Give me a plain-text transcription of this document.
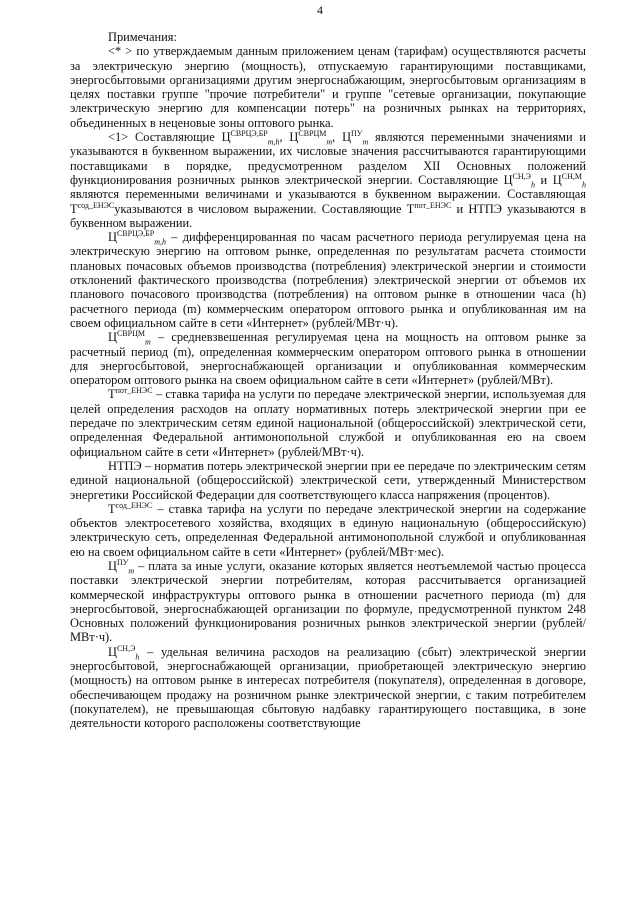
4

Примечания:

<* > по утверждаемым данным приложением ценам (тарифам) осуществляются расчеты за электрическую энергию (мощность), отпускаемую гарантирующими поставщиками, энергосбытовыми организациями другим энергоснабжающим, энергосбытовым организациям в целях поставки группе "прочие потребители" и группе "сетевые организации, покупающие электрическую энергию для компенсации потерь" на розничных рынках на территориях, объединенных в неценовые зоны оптового рынка.

<1> Составляющие $Ц^{СВРЦЭ,БР}_{m,h}$, $Ц^{СВРЦМ}_m$, $Ц^{ПУ}_m$ являются переменными значениями и указываются в буквенном выражении, их числовые значения рассчитываются гарантирующими поставщиками в порядке, предусмотренном разделом XII Основных положений функционирования розничных рынков электрической энергии. Составляющие $Ц^{СН,Э}_h$ и $Ц^{СН,М}_h$ являются переменными величинами и указываются в буквенном выражении. Составляющая $Т^{сод\_ЕНЭС}указываются$ в числовом выражении. Составляющие $Т^{пот\_ЕНЭС}$ и НТПЭ указываются в буквенном выражении.

$Ц^{СВРЦЭ,БР}_{m,h}$ – дифференцированная по часам расчетного периода регулируемая цена на электрическую энергию на оптовом рынке, определенная по результатам расчета стоимости плановых почасовых объемов производства (потребления) электрической энергии и стоимости отклонений фактического производства (потребления) электрической энергии от объемов их планового почасового производства (потребления) на оптовом рынке в отношении часа (h) расчетного периода (m) коммерческим оператором оптового рынка и опубликованная им на своем официальном сайте в сети «Интернет» (рублей/МВт·ч).

$Ц^{СВРЦМ}_m$ – средневзвешенная регулируемая цена на мощность на оптовом рынке за расчетный период (m), определенная коммерческим оператором оптового рынка в отношении для энергосбытовой, энергоснабжающей организации и опубликованная коммерческим оператором оптового рынка на своем официальном сайте в сети «Интернет» (рублей/МВт).

$Т^{пот\_ЕНЭС}$ – ставка тарифа на услуги по передаче электрической энергии, используемая для целей определения расходов на оплату нормативных потерь электрической энергии при ее передаче по электрическим сетям единой национальной (общероссийской) электрической сети, определенная Федеральной антимонопольной службой и опубликованная ею на своем официальном сайте в сети «Интернет» (рублей/МВт·ч).

НТПЭ – норматив потерь электрической энергии при ее передаче по электрическим сетям единой национальной (общероссийской) электрической сети, утвержденный Министерством энергетики Российской Федерации для соответствующего класса напряжения (процентов).

$Т^{сод\_ЕНЭС}$ – ставка тарифа на услуги по передаче электрической энергии на содержание объектов электросетевого хозяйства, входящих в единую национальную (общероссийскую) электрическую сеть, определенная Федеральной антимонопольной службой и опубликованная ею на своем официальном сайте в сети «Интернет» (рублей/МВт·мес).

$Ц^{ПУ}_m$ – плата за иные услуги, оказание которых является неотъемлемой частью процесса поставки электрической энергии потребителям, которая рассчитывается организацией коммерческой инфраструктуры оптового рынка в отношении расчетного периода (m) для энергосбытовой, энергоснабжающей организации по формуле, предусмотренной пунктом 248 Основных положений функционирования розничных рынков электрической энергии (рублей/МВт·ч).

$Ц^{СН,Э}_h$ – удельная величина расходов на реализацию (сбыт) электрической энергии энергосбытовой, энергоснабжающей организации, приобретающей электрическую энергию (мощность) на оптовом рынке в интересах потребителя (покупателя), определенная в договоре, обеспечивающем продажу на розничном рынке электрической энергии, с таким потребителем (покупателем), не превышающая сбытовую надбавку гарантирующего поставщика, в зоне деятельности которого расположены соответствующие
